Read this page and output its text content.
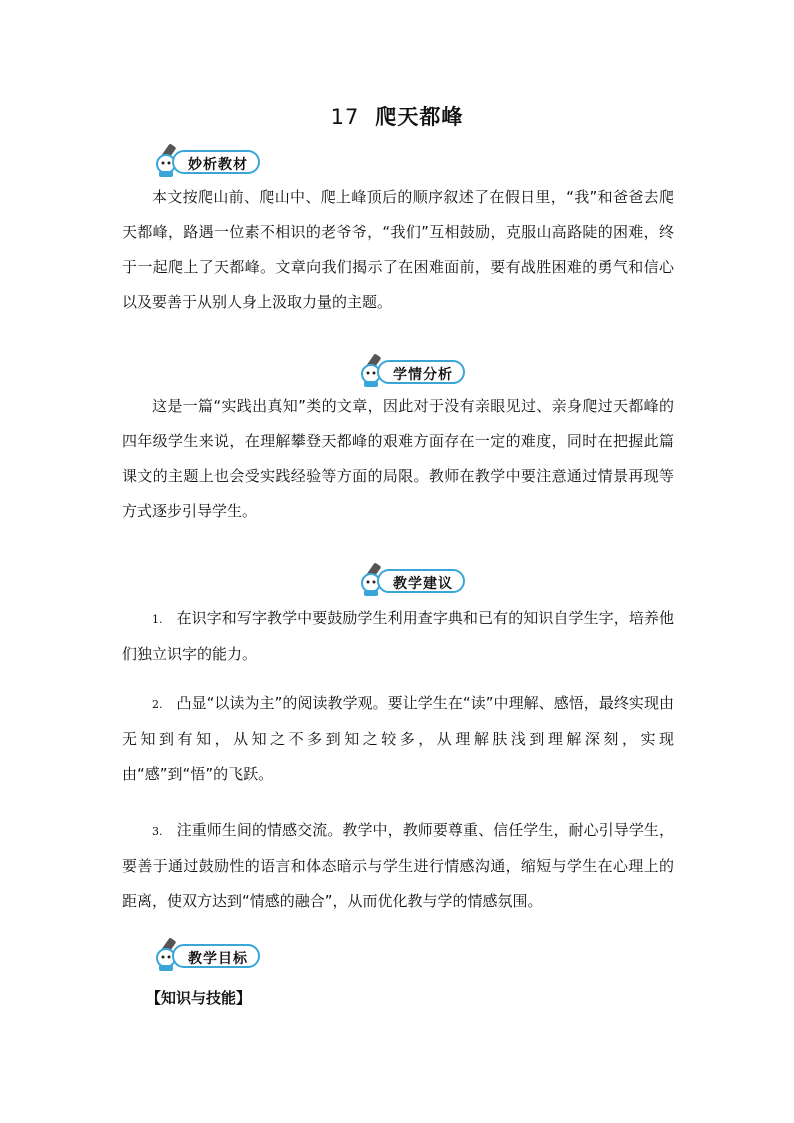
17 爬天都峰
妙析教材

本文按爬山前、爬山中、爬上峰顶后的顺序叙述了在假日里，“我”和爸爸去爬天都峰，路遇一位素不相识的老爷爷，“我们”互相鼓励，克服山高路陡的困难，终于一起爬上了天都峰。文章向我们揭示了在困难面前，要有战胜困难的勇气和信心以及要善于从别人身上汲取力量的主题。

学情分析

这是一篇“实践出真知”类的文章，因此对于没有亲眼见过、亲身爬过天都峰的四年级学生来说，在理解攀登天都峰的艰难方面存在一定的难度，同时在把握此篇课文的主题上也会受实践经验等方面的局限。教师在教学中要注意通过情景再现等方式逐步引导学生。

教学建议

1. 在识字和写字教学中要鼓励学生利用查字典和已有的知识自学生字，培养他们独立识字的能力。

2. 凸显“以读为主”的阅读教学观。要让学生在“读”中理解、感悟，最终实现由无知到有知，从知之不多到知之较多，从理解肤浅到理解深刻，实现由“感”到“悟”的飞跃。

3. 注重师生间的情感交流。教学中，教师要尊重、信任学生，耐心引导学生，要善于通过鼓励性的语言和体态暗示与学生进行情感沟通，缩短与学生在心理上的距离，使双方达到“情感的融合”，从而优化教与学的情感氛围。

教学目标
【知识与技能】
